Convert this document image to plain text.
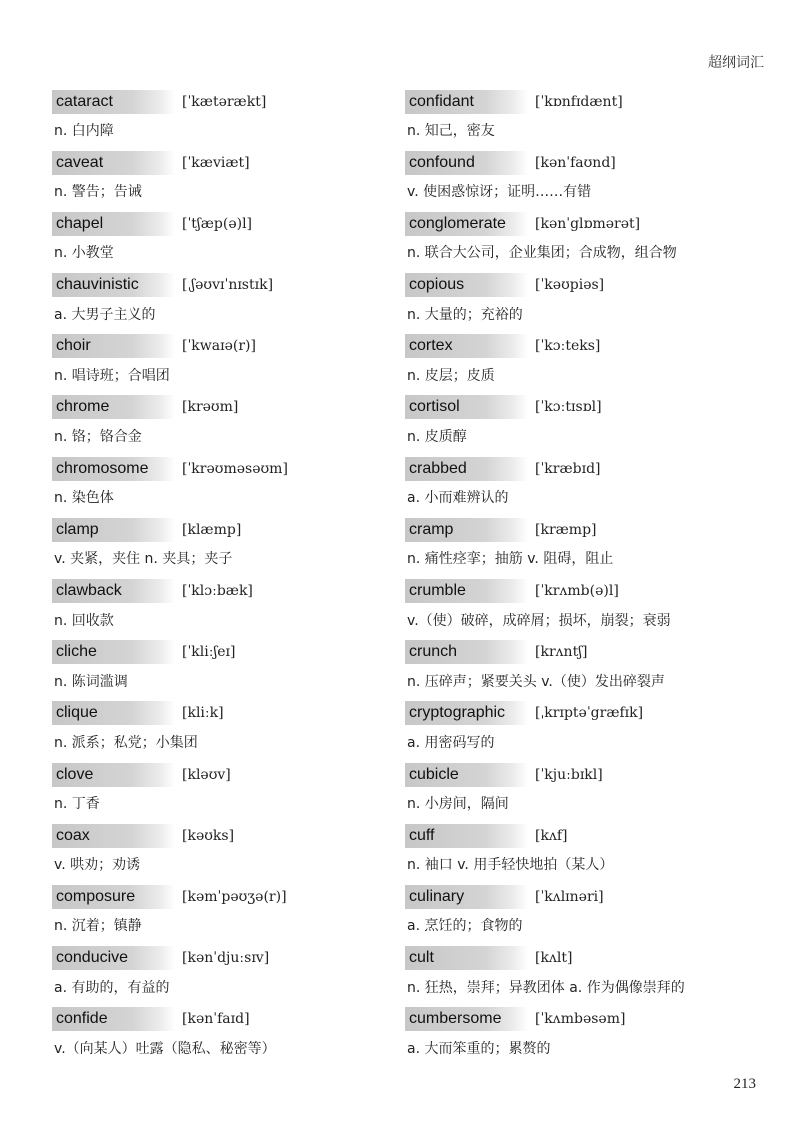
超纲词汇
cataract	[ˈkætərækt]
n. 白内障
caveat	[ˈkæviæt]
n. 警告；告诫
chapel	[ˈtʃæp(ə)l]
n. 小教堂
chauvinistic	[ˌʃəʊvɪˈnɪstɪk]
a. 大男子主义的
choir	[ˈkwaɪə(r)]
n. 唱诗班；合唱团
chrome	[krəʊm]
n. 铬；铬合金
chromosome	[ˈkrəʊməsəʊm]
n. 染色体
clamp	[klæmp]
v. 夹紧，夹住 n. 夹具；夹子
clawback	[ˈklɔːbæk]
n. 回收款
cliche	[ˈkliːʃeɪ]
n. 陈词滥调
clique	[kliːk]
n. 派系；私党；小集团
clove	[kləʊv]
n. 丁香
coax	[kəʊks]
v. 哄劝；劝诱
composure	[kəmˈpəʊʒə(r)]
n. 沉着；镇静
conducive	[kənˈdjuːsɪv]
a. 有助的，有益的
confide	[kənˈfaɪd]
v.（向某人）吐露（隐私、秘密等）
confidant	[ˈkɒnfɪdænt]
n. 知己，密友
confound	[kənˈfaʊnd]
v. 使困惑惊讶；证明……有错
conglomerate	[kənˈglɒmərət]
n. 联合大公司，企业集团；合成物，组合物
copious	[ˈkəʊpiəs]
n. 大量的；充裕的
cortex	[ˈkɔːteks]
n. 皮层；皮质
cortisol	[ˈkɔːtɪsɒl]
n. 皮质醇
crabbed	[ˈkræbɪd]
a. 小而难辨认的
cramp	[kræmp]
n. 痛性痉挛；抽筋 v. 阻碍，阻止
crumble	[ˈkrʌmb(ə)l]
v.（使）破碎，成碎屑；损坏，崩裂；衰弱
crunch	[krʌntʃ]
n. 压碎声；紧要关头 v.（使）发出碎裂声
cryptographic	[ˌkrɪptəˈgræfɪk]
a. 用密码写的
cubicle	[ˈkjuːbɪkl]
n. 小房间，隔间
cuff	[kʌf]
n. 袖口 v. 用手轻快地拍（某人）
culinary	[ˈkʌlɪnəri]
a. 烹饪的；食物的
cult	[kʌlt]
n. 狂热，崇拜；异教团体 a. 作为偶像崇拜的
cumbersome	[ˈkʌmbəsəm]
a. 大而笨重的；累赘的
213
